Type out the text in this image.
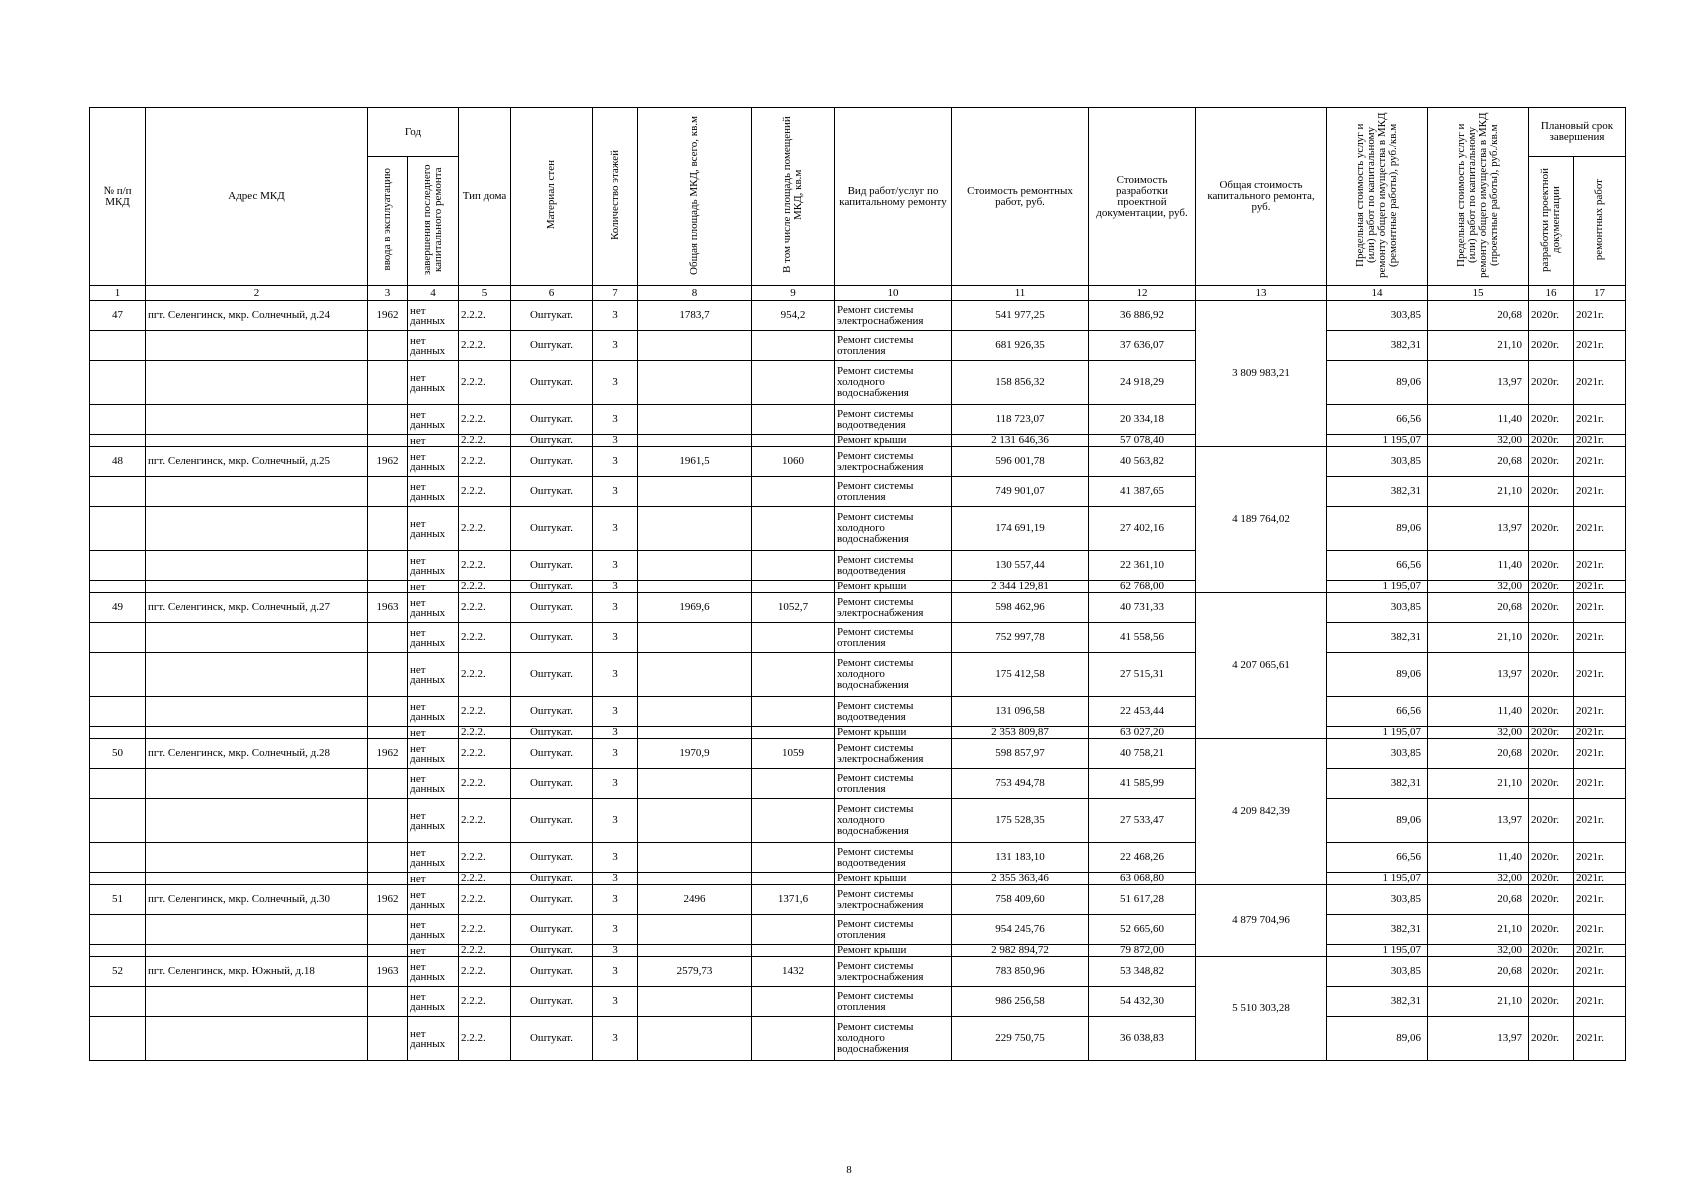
№ п/п МКД	Адрес МКД	Год		Тип дома	Материал стен	Количество этажей	Общая площадь МКД, всего, кв.м	В том числе площадь помещений МКД, кв.м	Вид работ/услуг по капитальному ремонту	Стоимость ремонтных работ, руб.	Стоимость разработки проектной документации, руб.	Общая стоимость капитального ремонта, руб.	Предельная стоимость услуг и (или) работ по капитальному ремонту общего имущества в МКД (ремонтные работы), руб./кв.м	Предельная стоимость услуг и (или) работ по капитальному ремонту общего имущества в МКД (проектные работы), руб./кв.м	Плановый срок завершения	
		ввода в эксплуатацию	завершения последнего капитального ремонта												разработки проектной документации	ремонтных работ
1	2	3	4	5	6	7	8	9	10	11	12	13	14	15	16	17
47	пгт. Селенгинск, мкр. Солнечный, д.24	1962	нет данных	2.2.2.	Оштукат.	3	1783,7	954,2	Ремонт системы электроснабжения	541 977,25	36 886,92	3 809 983,21	303,85	20,68	2020г.	2021г.

			нет данных	2.2.2.	Оштукат.	3			Ремонт системы отопления	681 926,35	37 636,07		382,31	21,10	2020г.	2021г.

			нет данных	2.2.2.	Оштукат.	3			Ремонт системы холодного водоснабжения	158 856,32	24 918,29		89,06	13,97	2020г.	2021г.

			нет данных	2.2.2.	Оштукат.	3			Ремонт системы водоотведения	118 723,07	20 334,18		66,56	11,40	2020г.	2021г.

			нет	2.2.2.	Оштукат.	3			Ремонт крыши	2 131 646,36	57 078,40		1 195,07	32,00	2020г.	2021г.
48	пгт. Селенгинск, мкр. Солнечный, д.25	1962	нет данных	2.2.2.	Оштукат.	3	1961,5	1060	Ремонт системы электроснабжения	596 001,78	40 563,82	4 189 764,02	303,85	20,68	2020г.	2021г.

			нет данных	2.2.2.	Оштукат.	3			Ремонт системы отопления	749 901,07	41 387,65		382,31	21,10	2020г.	2021г.

			нет данных	2.2.2.	Оштукат.	3			Ремонт системы холодного водоснабжения	174 691,19	27 402,16		89,06	13,97	2020г.	2021г.

			нет данных	2.2.2.	Оштукат.	3			Ремонт системы водоотведения	130 557,44	22 361,10		66,56	11,40	2020г.	2021г.

			нет	2.2.2.	Оштукат.	3			Ремонт крыши	2 344 129,81	62 768,00		1 195,07	32,00	2020г.	2021г.
49	пгт. Селенгинск, мкр. Солнечный, д.27	1963	нет данных	2.2.2.	Оштукат.	3	1969,6	1052,7	Ремонт системы электроснабжения	598 462,96	40 731,33	4 207 065,61	303,85	20,68	2020г.	2021г.

			нет данных	2.2.2.	Оштукат.	3			Ремонт системы отопления	752 997,78	41 558,56		382,31	21,10	2020г.	2021г.

			нет данных	2.2.2.	Оштукат.	3			Ремонт системы холодного водоснабжения	175 412,58	27 515,31		89,06	13,97	2020г.	2021г.

			нет данных	2.2.2.	Оштукат.	3			Ремонт системы водоотведения	131 096,58	22 453,44		66,56	11,40	2020г.	2021г.

			нет	2.2.2.	Оштукат.	3			Ремонт крыши	2 353 809,87	63 027,20		1 195,07	32,00	2020г.	2021г.
50	пгт. Селенгинск, мкр. Солнечный, д.28	1962	нет данных	2.2.2.	Оштукат.	3	1970,9	1059	Ремонт системы электроснабжения	598 857,97	40 758,21	4 209 842,39	303,85	20,68	2020г.	2021г.

			нет данных	2.2.2.	Оштукат.	3			Ремонт системы отопления	753 494,78	41 585,99		382,31	21,10	2020г.	2021г.

			нет данных	2.2.2.	Оштукат.	3			Ремонт системы холодного водоснабжения	175 528,35	27 533,47		89,06	13,97	2020г.	2021г.

			нет данных	2.2.2.	Оштукат.	3			Ремонт системы водоотведения	131 183,10	22 468,26		66,56	11,40	2020г.	2021г.

			нет	2.2.2.	Оштукат.	3			Ремонт крыши	2 355 363,46	63 068,80		1 195,07	32,00	2020г.	2021г.
51	пгт. Селенгинск, мкр. Солнечный, д.30	1962	нет данных	2.2.2.	Оштукат.	3	2496	1371,6	Ремонт системы электроснабжения	758 409,60	51 617,28	4 879 704,96	303,85	20,68	2020г.	2021г.

			нет данных	2.2.2.	Оштукат.	3			Ремонт системы отопления	954 245,76	52 665,60		382,31	21,10	2020г.	2021г.

			нет	2.2.2.	Оштукат.	3			Ремонт крыши	2 982 894,72	79 872,00		1 195,07	32,00	2020г.	2021г.
52	пгт. Селенгинск, мкр. Южный, д.18	1963	нет данных	2.2.2.	Оштукат.	3	2579,73	1432	Ремонт системы электроснабжения	783 850,96	53 348,82	5 510 303,28	303,85	20,68	2020г.	2021г.

			нет данных	2.2.2.	Оштукат.	3			Ремонт системы отопления	986 256,58	54 432,30		382,31	21,10	2020г.	2021г.

			нет данных	2.2.2.	Оштукат.	3			Ремонт системы холодного водоснабжения	229 750,75	36 038,83		89,06	13,97	2020г.	2021г.
8
